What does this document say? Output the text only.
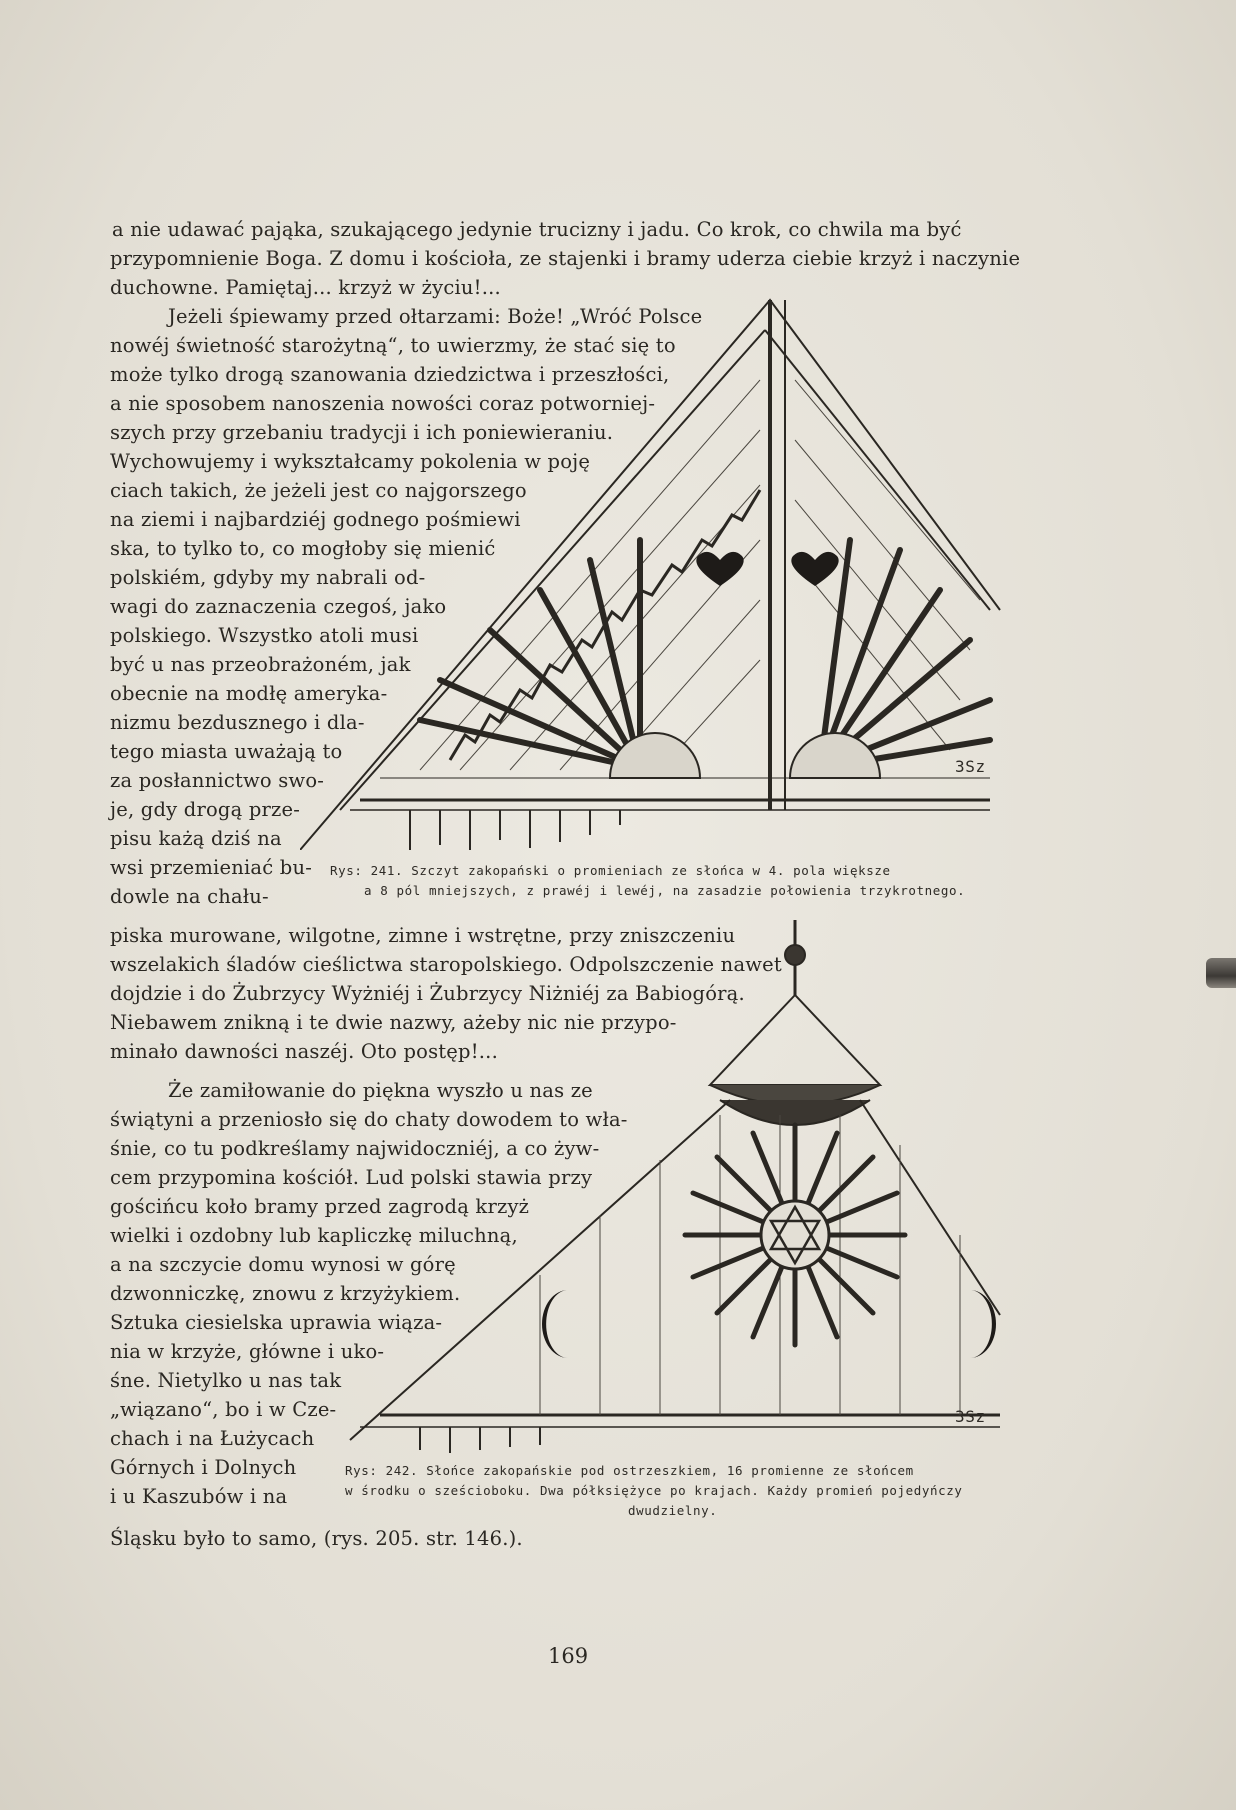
a nie udawać pająka, szukającego jedynie trucizny i jadu. Co krok, co chwila ma być
przypomnienie Boga. Z domu i kościoła, ze stajenki i bramy uderza ciebie krzyż i naczynie
duchowne. Pamiętaj... krzyż w życiu!...
Jeżeli śpiewamy przed ołtarzami: Boże! „Wróć Polsce
nowéj świetność starożytną“, to uwierzmy, że stać się to
może tylko drogą szanowania dziedzictwa i przeszłości,
a nie sposobem nanoszenia nowości coraz potworniej-
szych przy grzebaniu tradycji i ich poniewieraniu.
Wychowujemy i wykształcamy pokolenia w poję
ciach takich, że jeżeli jest co najgorszego
na ziemi i najbardziéj godnego pośmiewi
ska, to tylko to, co mogłoby się mienić
polskiém, gdyby my nabrali od-
wagi do zaznaczenia czegoś, jako
polskiego. Wszystko atoli musi
być u nas przeobrażoném, jak
obecnie na modłę ameryka-
nizmu bezdusznego i dla-
tego miasta uważają to
za posłannictwo swo-
je, gdy drogą prze-
pisu każą dziś na
wsi przemieniać bu-
dowle na chału-
piska murowane, wilgotne, zimne i wstrętne, przy zniszczeniu
wszelakich śladów cieślictwa staropolskiego. Odpolszczenie nawet
dojdzie i do Żubrzycy Wyżniéj i Żubrzycy Niżniéj za Babiogórą.
Niebawem znikną i te dwie nazwy, ażeby nic nie przypo-
minało dawności naszéj. Oto postęp!...
Że zamiłowanie do piękna wyszło u nas ze
świątyni a przeniosło się do chaty dowodem to wła-
śnie, co tu podkreślamy najwidoczniéj, a co żyw-
cem przypomina kościół. Lud polski stawia przy
gościńcu koło bramy przed zagrodą krzyż
wielki i ozdobny lub kapliczkę miluchną,
a na szczycie domu wynosi w górę
dzwonniczkę, znowu z krzyżykiem.
Sztuka ciesielska uprawia wiąza-
nia w krzyże, główne i uko-
śne. Nietylko u nas tak
„wiązano“, bo i w Cze-
chach i na Łużycach
Górnych i Dolnych
i u Kaszubów i na
Śląsku było to samo, (rys. 205. str. 146.).
3Sz
Rys: 241. Szczyt zakopański o promieniach ze słońca w 4. pola większe
a 8 pól mniejszych, z prawéj i lewéj, na zasadzie połowienia trzykrotnego.
3Sz
Rys: 242. Słońce zakopańskie pod ostrzeszkiem, 16 promienne ze słońcem
w środku o sześcioboku. Dwa półksiężyce po krajach. Każdy promień pojedyńczy
dwudzielny.
169
